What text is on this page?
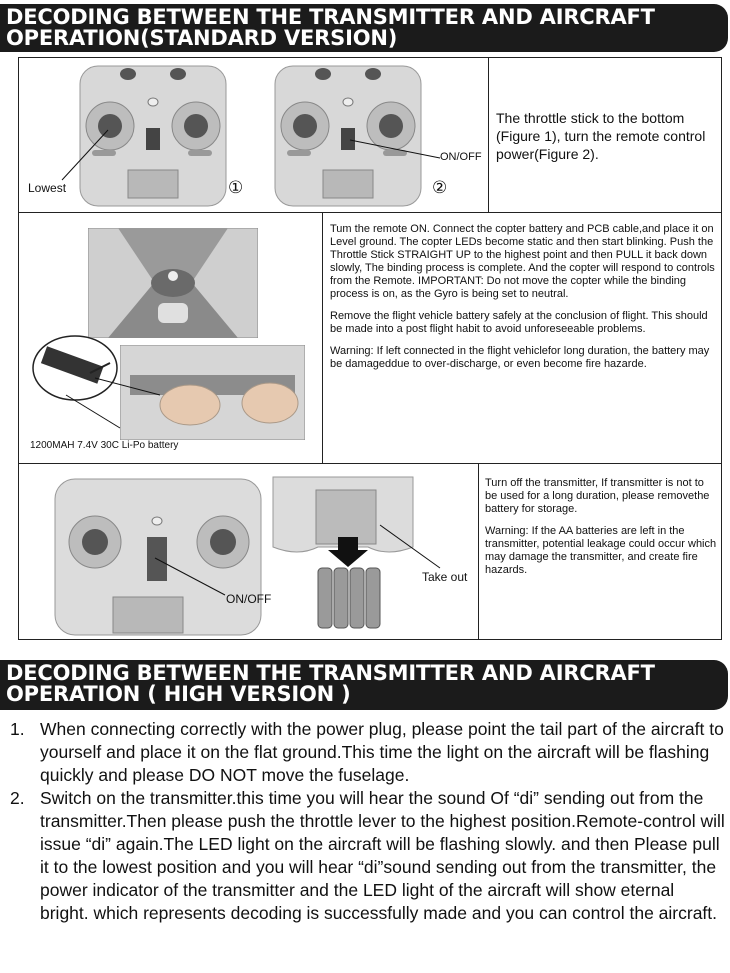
DECODING BETWEEN THE TRANSMITTER AND AIRCRAFT
OPERATION(STANDARD VERSION)
Lowest	①	②
ON/OFF
The throttle stick to the bottom (Figure 1), turn the remote control power(Figure 2).
1200MAH 7.4V 30C Li-Po battery

Tum the remote ON. Connect the copter battery and PCB cable,and place it on Level ground. The copter LEDs become static and then start blinking. Push the Throttle Stick STRAIGHT UP to the highest point and then PULL it back down slowly, The binding process is complete. And the copter will respond to controls from the Remote. IMPORTANT: Do not move the copter while the binding process is on, as the Gyro is being set to neutral.

Remove the flight vehicle battery safely at the conclusion of flight. This should be made into a post flight habit to avoid unforeseeable problems.

Warning: If left connected in the flight vehiclefor long duration, the battery may be damageddue to over-discharge, or even become fire hazarde.

ON/OFF
Take out

Turn off the transmitter, If transmitter is not to be used for a long duration, please removethe battery for storage.

Warning: If the AA batteries are left in the transmitter, potential leakage could occur which may damage the transmitter, and create fire hazards.

DECODING BETWEEN THE TRANSMITTER AND AIRCRAFT
OPERATION ( HIGH VERSION )
1. When connecting correctly with the power plug, please point the tail part of the aircraft to yourself and place it on the flat ground.This time the light on the aircraft will be flashing quickly and please DO NOT move the fuselage.
2. Switch on the transmitter.this time you will hear the sound Of “di” sending out from the transmitter.Then please push the throttle lever to the highest position.Remote-control will issue “di” again.The LED light on the aircraft will be flashing slowly. and then Please pull it to the lowest position and you will hear “di”sound sending out from the transmitter, the power indicator of the transmitter and the LED light of the aircraft will show eternal bright. which represents decoding is successfully made and you can control the aircraft.
